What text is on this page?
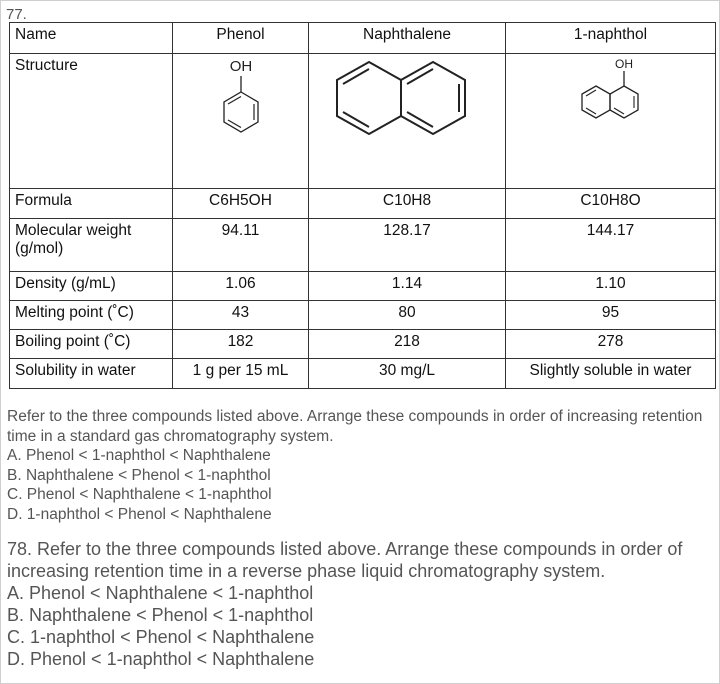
77.
Name	Phenol	Naphthalene	1-naphthol
Structure	OH		OH

Formula	C6H5OH	C10H8	C10H8O
Molecular weight (g/mol)	94.11	128.17	144.17
Density (g/mL)	1.06	1.14	1.10
Melting point (˚C)	43	80	95
Boiling point (˚C)	182	218	278
Solubility in water	1 g per 15 mL	30 mg/L	Slightly soluble in water

Refer to the three compounds listed above. Arrange these compounds in order of increasing retention time in a standard gas chromatography system.

A. Phenol < 1-naphthol < Naphthalene
B. Naphthalene < Phenol < 1-naphthol
C. Phenol < Naphthalene < 1-naphthol
D. 1-naphthol < Phenol < Naphthalene

78. Refer to the three compounds listed above. Arrange these compounds in order of increasing retention time in a reverse phase liquid chromatography system.

A. Phenol < Naphthalene < 1-naphthol
B. Naphthalene < Phenol < 1-naphthol
C. 1-naphthol < Phenol < Naphthalene
D. Phenol < 1-naphthol < Naphthalene
